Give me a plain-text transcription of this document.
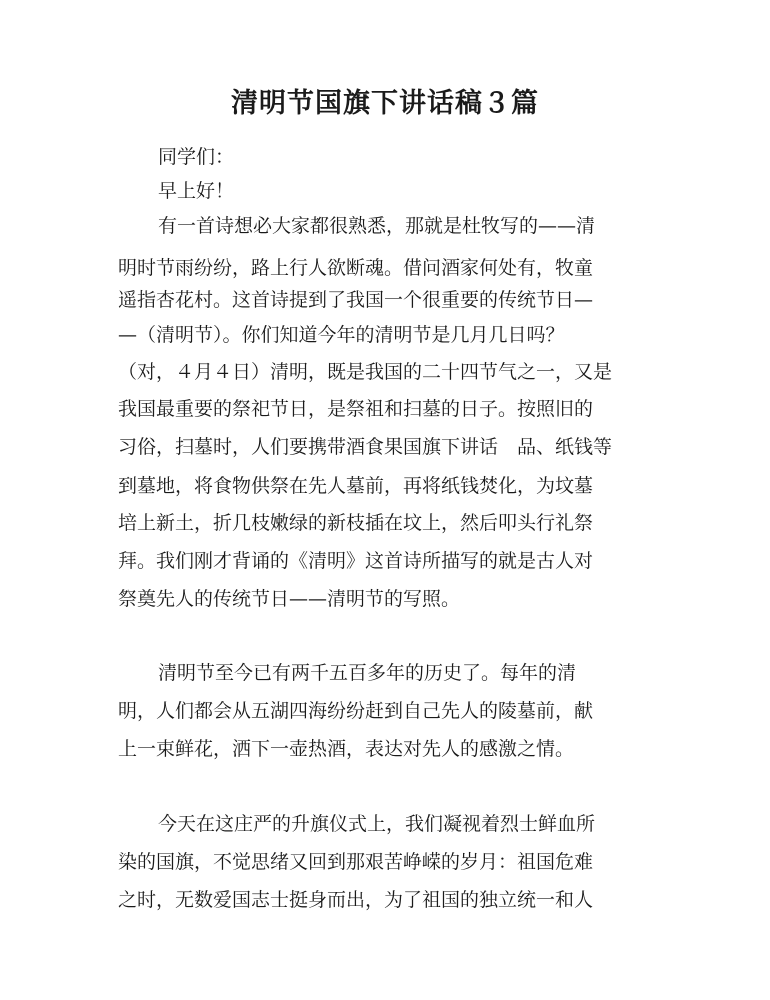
清明节国旗下讲话稿３篇
同学们：
早上好！
有一首诗想必大家都很熟悉，那就是杜牧写的——清
明时节雨纷纷，路上行人欲断魂。借问酒家何处有，牧童
遥指杏花村。这首诗提到了我国一个很重要的传统节日—
—（清明节）。你们知道今年的清明节是几月几日吗？
（对，４月４日）清明，既是我国的二十四节气之一，又是
我国最重要的祭祀节日，是祭祖和扫墓的日子。按照旧的
习俗，扫墓时，人们要携带酒食果国旗下讲话　品、纸钱等
到墓地，将食物供祭在先人墓前，再将纸钱焚化，为坟墓
培上新土，折几枝嫩绿的新枝插在坟上，然后叩头行礼祭
拜。我们刚才背诵的《清明》这首诗所描写的就是古人对
祭奠先人的传统节日——清明节的写照。
清明节至今已有两千五百多年的历史了。每年的清
明，人们都会从五湖四海纷纷赶到自己先人的陵墓前，献
上一束鲜花，洒下一壶热酒，表达对先人的感激之情。
今天在这庄严的升旗仪式上，我们凝视着烈士鲜血所
染的国旗，不觉思绪又回到那艰苦峥嵘的岁月：祖国危难
之时，无数爱国志士挺身而出，为了祖国的独立统一和人
